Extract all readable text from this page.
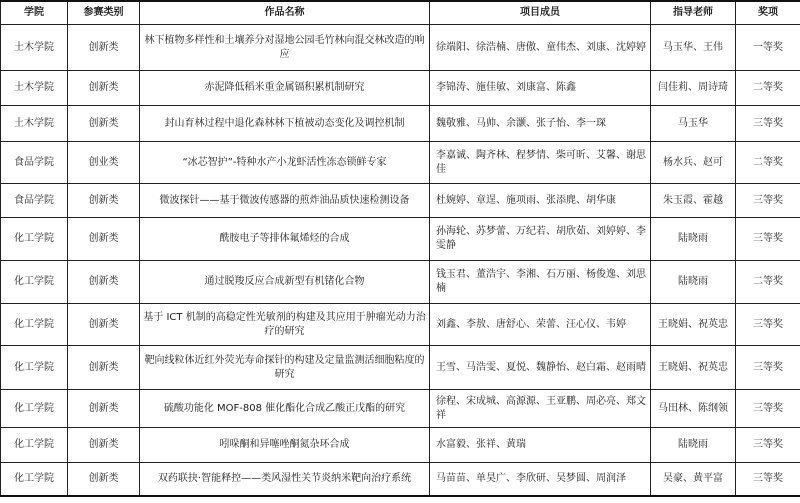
学院	参赛类别	作品名称	项目成员	指导老师	奖项
土木学院	创新类	林下植物多样性和土壤养分对湿地公园毛竹林向混交林改造的响应	徐端阳、徐浩楠、唐傲、童伟杰、刘康、沈婷婷	马玉华、王伟	一等奖
土木学院	创新类	赤泥降低稻米重金属镉积累机制研究	李锦涛、施佳敏、刘康富、陈鑫	闫佳莉、周诗琦	二等奖
土木学院	创新类	封山育林过程中退化森林林下植被动态变化及调控机制	魏敬雅、马帅、余灏、张子怡、李一琛	马玉华	三等奖
食品学院	创业类	“冰芯智护”-特种水产小龙虾活性冻态锁鲜专家	李嘉诚、陶齐林、程梦情、柴可昕、艾馨、谢思佳	杨水兵、赵可	二等奖
食品学院	创新类	微波探针——基于微波传感器的煎炸油品质快速检测设备	杜婉婷、章逞、施项雨、张添麂、胡华康	朱玉霞、霍越	三等奖
化工学院	创新类	酰胺电子等排体氟烯烃的合成	孙海轮、苏梦蕾、万纪若、胡欣茹、刘婷婷、李雯静	陆晓雨	三等奖
化工学院	创新类	通过脱羧反应合成新型有机锗化合物	钱玉君、董浩宇、李湘、石万丽、杨俊逸、刘思楠	陆晓雨	二等奖
化工学院	创新类	基于 ICT 机制的高稳定性光敏剂的构建及其应用于肿瘤光动力治疗的研究	刘鑫、李敖、唐舒心、荣蕾、汪心仪、韦婷	王晓娟、祝英忠	三等奖
化工学院	创新类	靶向线粒体近红外荧光寿命探针的构建及定量监测活细胞粘度的研究	王雪、马浩雯、夏悦、魏静怡、赵白霜、赵雨晴	王晓娟、祝英忠	三等奖
化工学院	创新类	硫酸功能化 MOF-808 催化酯化合成乙酸正戊酯的研究	徐程、宋成城、高源源、王亚鹏、周必亮、郑文祥	马田林、陈纲领	三等奖
化工学院	创新类	吲哚酮和异噻唑酮氮杂环合成	水富毅、张祥、黄瑞	陆晓雨	三等奖
化工学院	创新类	双药联抉·智能释控——类风湿性关节炎纳米靶向治疗系统	马苗苗、单昊广、李欣研、吴梦圆、周润泽	吴豪、黄平富	三等奖
